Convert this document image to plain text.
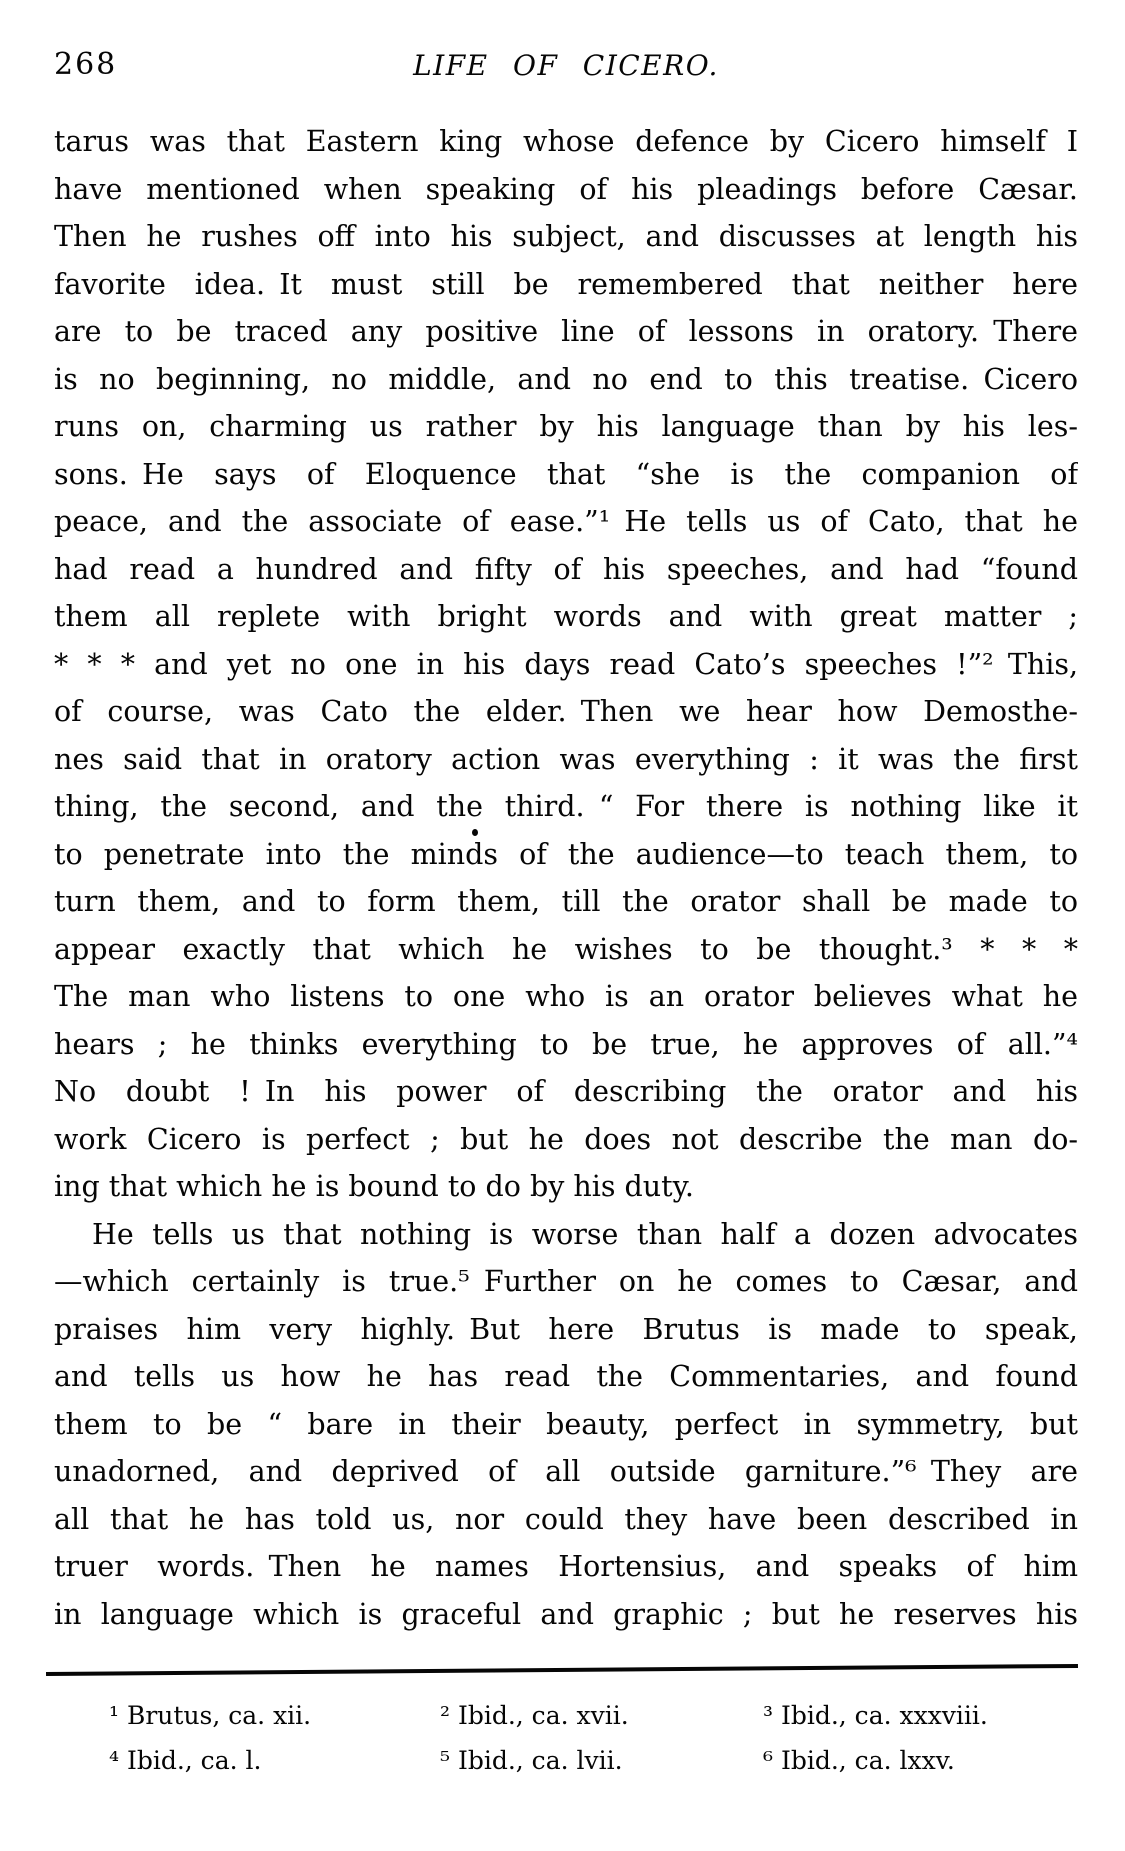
268	LIFE OF CICERO.
tarus was that Eastern king whose defence by Cicero himself I
have mentioned when speaking of his pleadings before Cæsar.
Then he rushes off into his subject, and discusses at length his
favorite idea. It must still be remembered that neither here
are to be traced any positive line of lessons in oratory. There
is no beginning, no middle, and no end to this treatise. Cicero
runs on, charming us rather by his language than by his les-
sons. He says of Eloquence that “she is the companion of
peace, and the associate of ease.”¹ He tells us of Cato, that he
had read a hundred and fifty of his speeches, and had “found
them all replete with bright words and with great matter ;
* * * and yet no one in his days read Cato’s speeches !”² This,
of course, was Cato the elder. Then we hear how Demosthe-
nes said that in oratory action was everything : it was the first
thing, the second, and the third. “ For there is nothing like it
to penetrate into the minds of the audience—to teach them, to
turn them, and to form them, till the orator shall be made to
appear exactly that which he wishes to be thought.³ * * *
The man who listens to one who is an orator believes what he
hears ; he thinks everything to be true, he approves of all.”⁴
No doubt ! In his power of describing the orator and his
work Cicero is perfect ; but he does not describe the man do-
ing that which he is bound to do by his duty.
He tells us that nothing is worse than half a dozen advocates
—which certainly is true.⁵ Further on he comes to Cæsar, and
praises him very highly. But here Brutus is made to speak,
and tells us how he has read the Commentaries, and found
them to be “ bare in their beauty, perfect in symmetry, but
unadorned, and deprived of all outside garniture.”⁶ They are
all that he has told us, nor could they have been described in
truer words. Then he names Hortensius, and speaks of him
in language which is graceful and graphic ; but he reserves his
¹ Brutus, ca. xii.	² Ibid., ca. xvii.	³ Ibid., ca. xxxviii.
⁴ Ibid., ca. l.	⁵ Ibid., ca. lvii.	⁶ Ibid., ca. lxxv.
